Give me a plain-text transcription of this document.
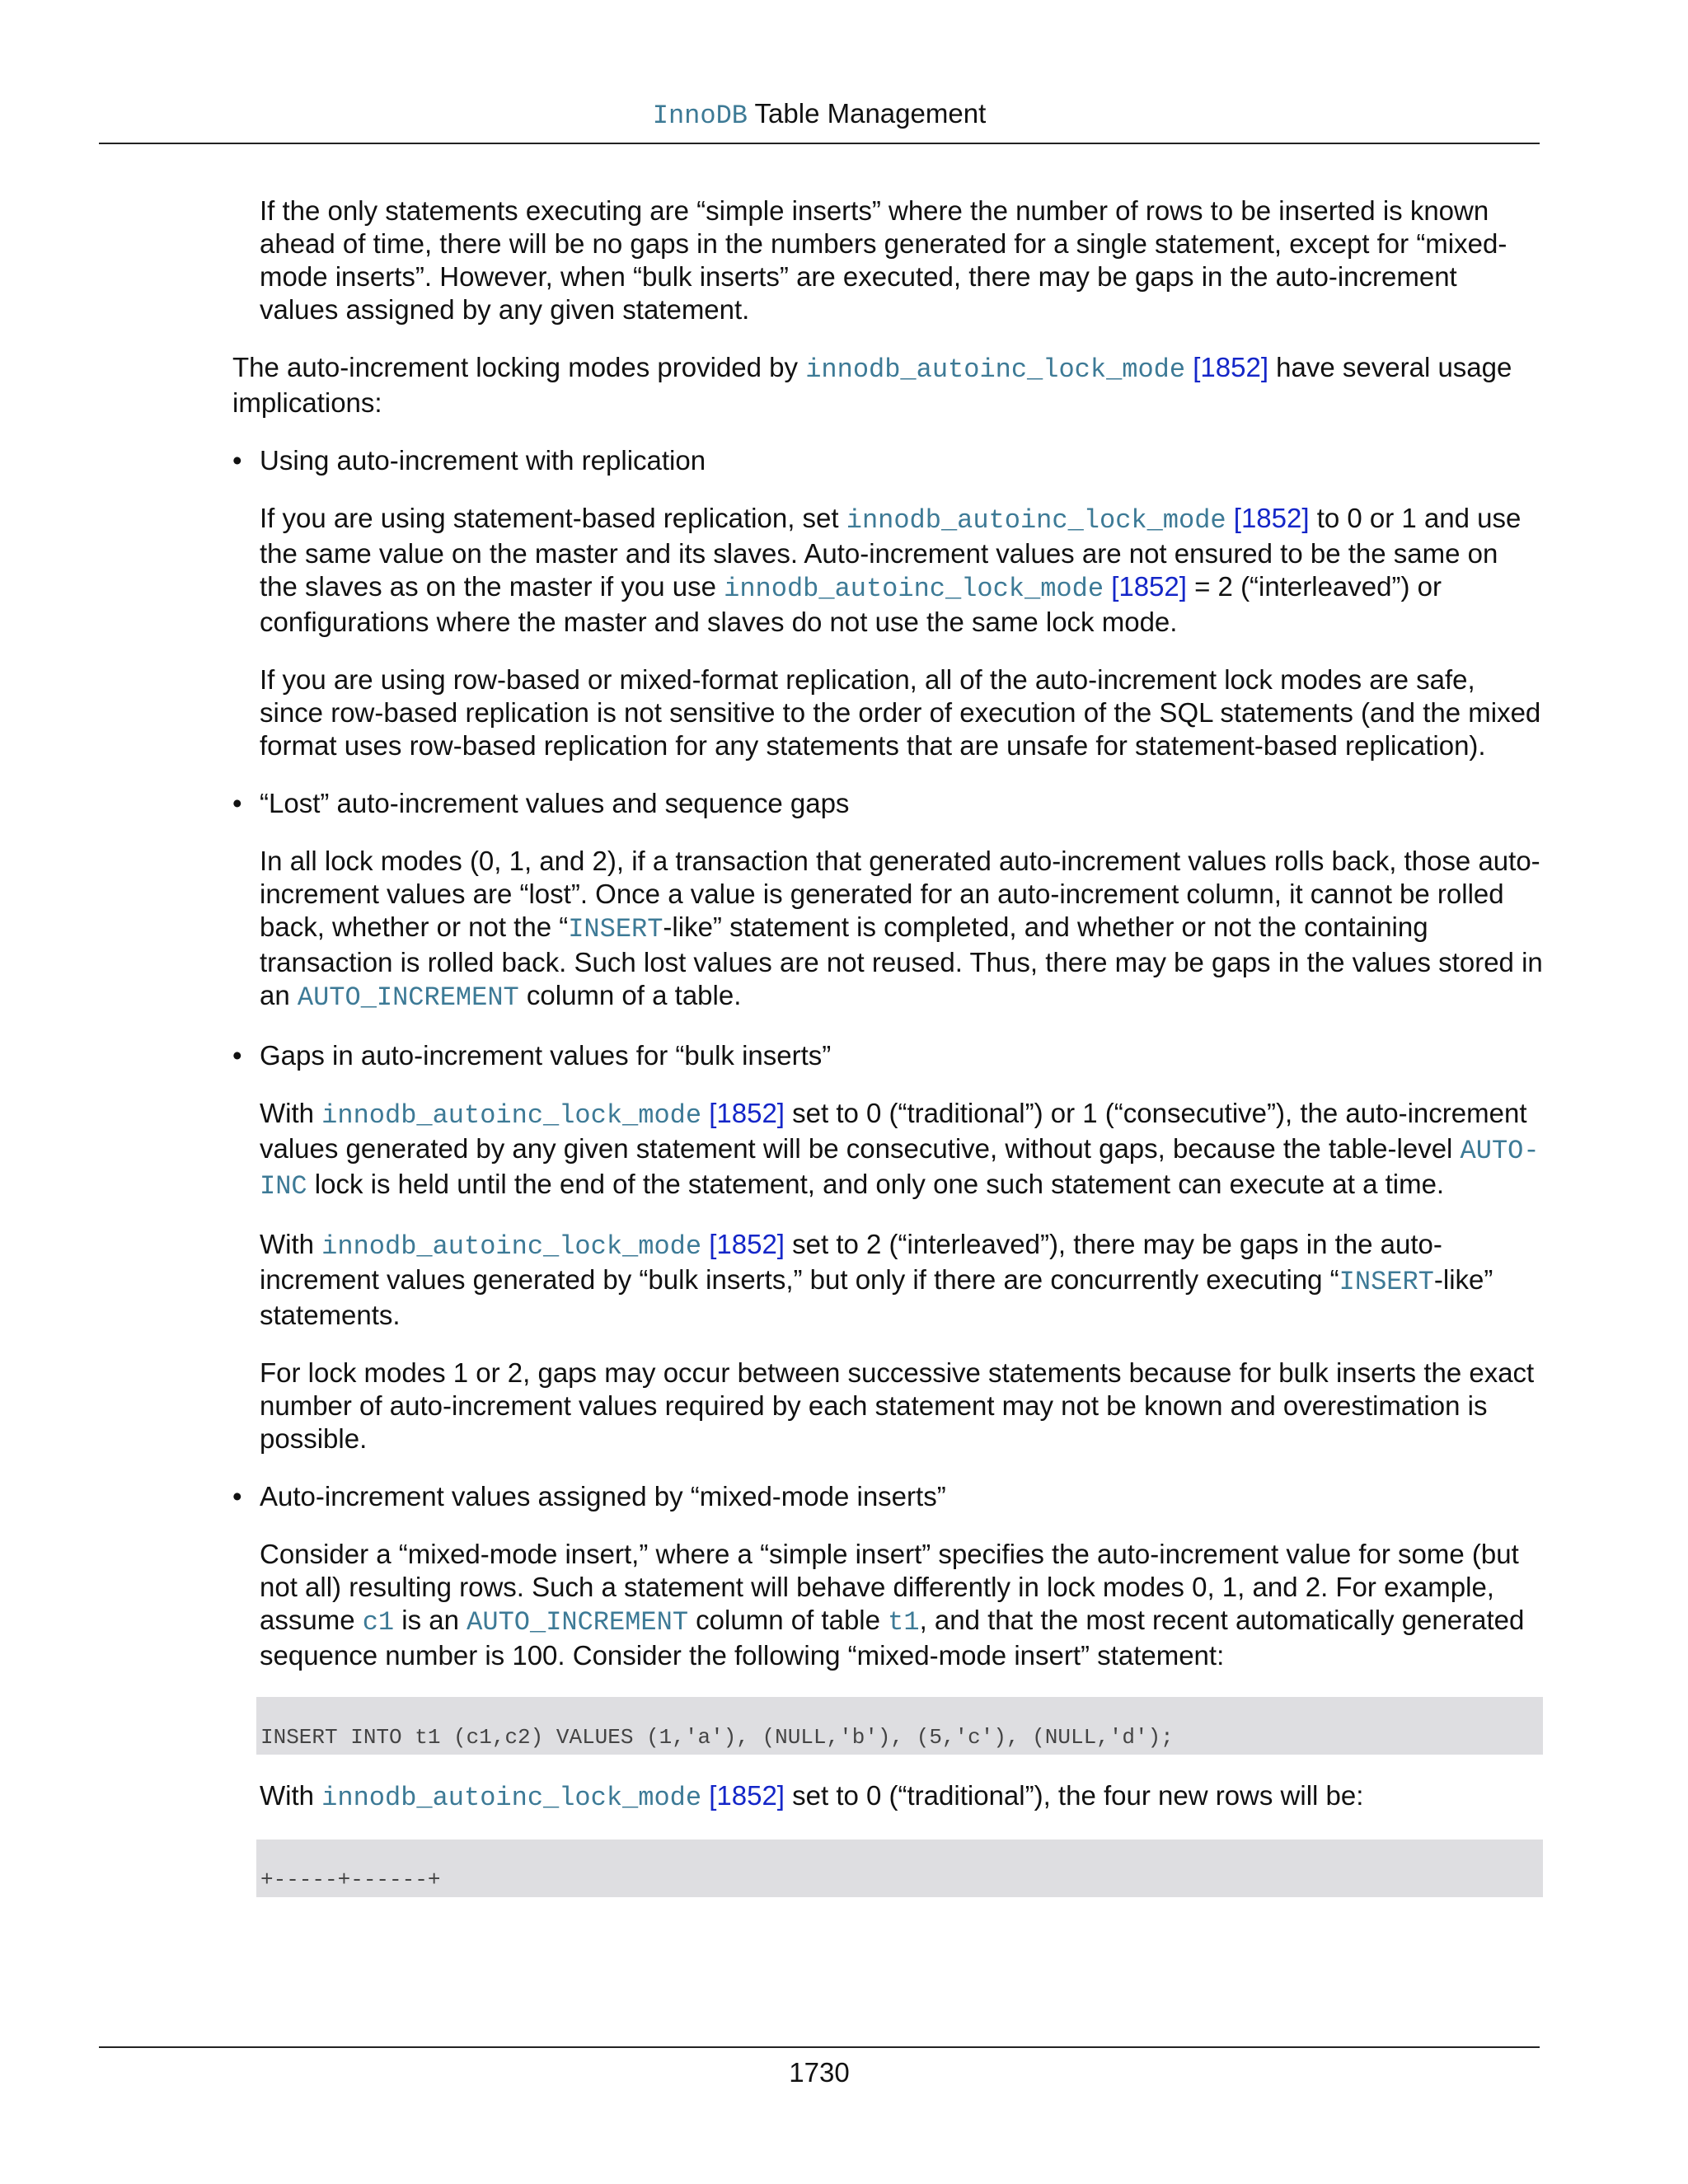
InnoDB Table Management

If the only statements executing are “simple inserts” where the number of rows to be inserted is known ahead of time, there will be no gaps in the numbers generated for a single statement, except for “mixed-mode inserts”. However, when “bulk inserts” are executed, there may be gaps in the auto-increment values assigned by any given statement.

The auto-increment locking modes provided by innodb_autoinc_lock_mode [1852] have several usage implications:

• Using auto-increment with replication

If you are using statement-based replication, set innodb_autoinc_lock_mode [1852] to 0 or 1 and use the same value on the master and its slaves. Auto-increment values are not ensured to be the same on the slaves as on the master if you use innodb_autoinc_lock_mode [1852] = 2 (“interleaved”) or configurations where the master and slaves do not use the same lock mode.

If you are using row-based or mixed-format replication, all of the auto-increment lock modes are safe, since row-based replication is not sensitive to the order of execution of the SQL statements (and the mixed format uses row-based replication for any statements that are unsafe for statement-based replication).

• “Lost” auto-increment values and sequence gaps

In all lock modes (0, 1, and 2), if a transaction that generated auto-increment values rolls back, those auto-increment values are “lost”. Once a value is generated for an auto-increment column, it cannot be rolled back, whether or not the “INSERT-like” statement is completed, and whether or not the containing transaction is rolled back. Such lost values are not reused. Thus, there may be gaps in the values stored in an AUTO_INCREMENT column of a table.

• Gaps in auto-increment values for “bulk inserts”

With innodb_autoinc_lock_mode [1852] set to 0 (“traditional”) or 1 (“consecutive”), the auto-increment values generated by any given statement will be consecutive, without gaps, because the table-level AUTO-INC lock is held until the end of the statement, and only one such statement can execute at a time.

With innodb_autoinc_lock_mode [1852] set to 2 (“interleaved”), there may be gaps in the auto-increment values generated by “bulk inserts,” but only if there are concurrently executing “INSERT-like” statements.

For lock modes 1 or 2, gaps may occur between successive statements because for bulk inserts the exact number of auto-increment values required by each statement may not be known and overestimation is possible.

• Auto-increment values assigned by “mixed-mode inserts”

Consider a “mixed-mode insert,” where a “simple insert” specifies the auto-increment value for some (but not all) resulting rows. Such a statement will behave differently in lock modes 0, 1, and 2. For example, assume c1 is an AUTO_INCREMENT column of table t1, and that the most recent automatically generated sequence number is 100. Consider the following “mixed-mode insert” statement:

INSERT INTO t1 (c1,c2) VALUES (1,'a'), (NULL,'b'), (5,'c'), (NULL,'d');

With innodb_autoinc_lock_mode [1852] set to 0 (“traditional”), the four new rows will be:

+-----+------+
1730
